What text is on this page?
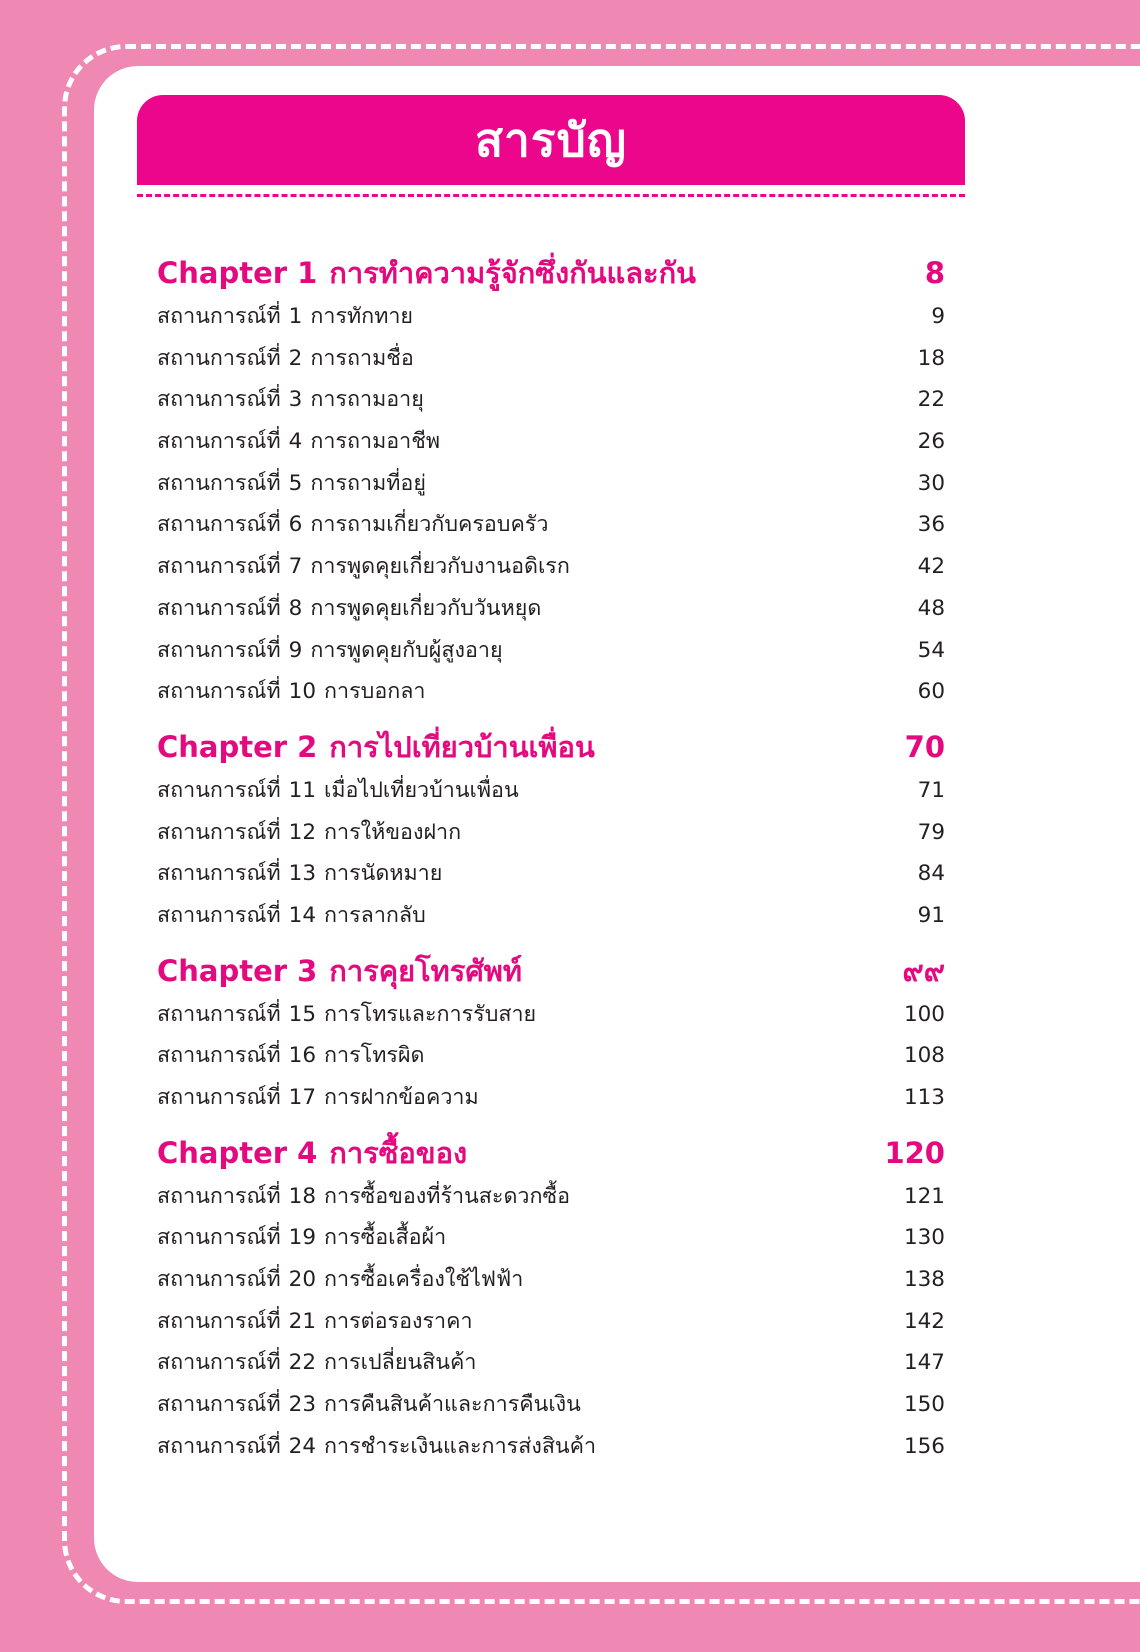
สารบัญ
Chapter 1 การทำความรู้จักซึ่งกันและกัน	8
สถานการณ์ที่ 1 การทักทาย	9
สถานการณ์ที่ 2 การถามชื่อ	18
สถานการณ์ที่ 3 การถามอายุ	22
สถานการณ์ที่ 4 การถามอาชีพ	26
สถานการณ์ที่ 5 การถามที่อยู่	30
สถานการณ์ที่ 6 การถามเกี่ยวกับครอบครัว	36
สถานการณ์ที่ 7 การพูดคุยเกี่ยวกับงานอดิเรก	42
สถานการณ์ที่ 8 การพูดคุยเกี่ยวกับวันหยุด	48
สถานการณ์ที่ 9 การพูดคุยกับผู้สูงอายุ	54
สถานการณ์ที่ 10 การบอกลา	60
Chapter 2 การไปเที่ยวบ้านเพื่อน	70
สถานการณ์ที่ 11 เมื่อไปเที่ยวบ้านเพื่อน	71
สถานการณ์ที่ 12 การให้ของฝาก	79
สถานการณ์ที่ 13 การนัดหมาย	84
สถานการณ์ที่ 14 การลากลับ	91
Chapter 3 การคุยโทรศัพท์	๙๙
สถานการณ์ที่ 15 การโทรและการรับสาย	100
สถานการณ์ที่ 16 การโทรผิด	108
สถานการณ์ที่ 17 การฝากข้อความ	113
Chapter 4 การซื้อของ	120
สถานการณ์ที่ 18 การซื้อของที่ร้านสะดวกซื้อ	121
สถานการณ์ที่ 19 การซื้อเสื้อผ้า	130
สถานการณ์ที่ 20 การซื้อเครื่องใช้ไฟฟ้า	138
สถานการณ์ที่ 21 การต่อรองราคา	142
สถานการณ์ที่ 22 การเปลี่ยนสินค้า	147
สถานการณ์ที่ 23 การคืนสินค้าและการคืนเงิน	150
สถานการณ์ที่ 24 การชำระเงินและการส่งสินค้า	156
